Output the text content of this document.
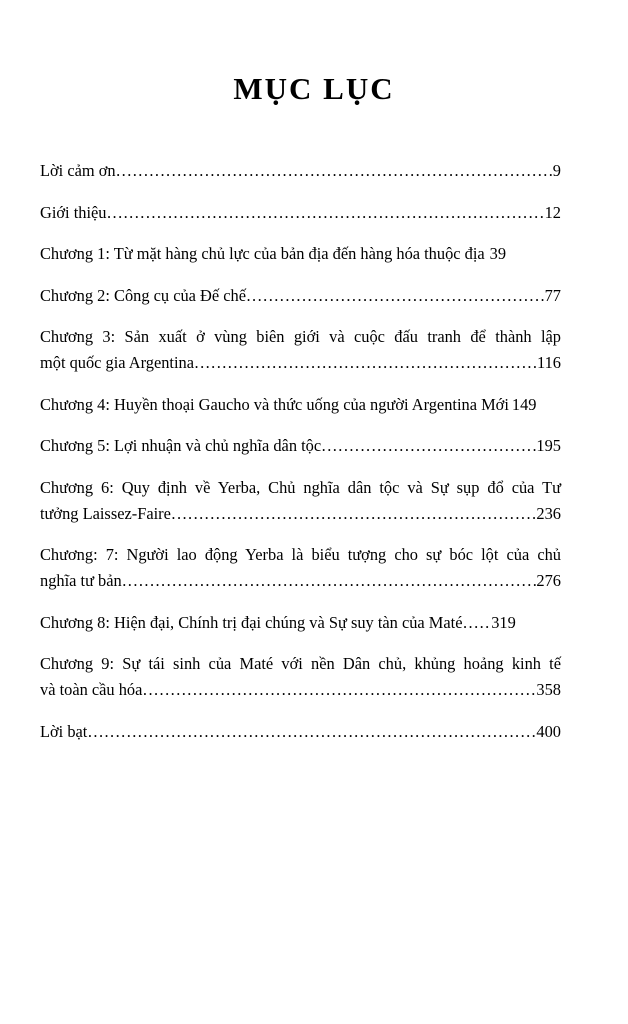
MỤC LỤC
Lời cảm ơn .....	9
Giới thiệu .....	12
Chương 1: Từ mặt hàng chủ lực của bản địa đến hàng hóa thuộc địa 39
Chương 2: Công cụ của Đế chế .....	77
Chương 3: Sản xuất ở vùng biên giới và cuộc đấu tranh để thành lập
một quốc gia Argentina .....	116
Chương 4: Huyền thoại Gaucho và thức uống của người Argentina Mới 149
Chương 5: Lợi nhuận và chủ nghĩa dân tộc .....	195
Chương 6: Quy định về Yerba, Chủ nghĩa dân tộc và Sự sụp đổ của Tư
tưởng Laissez-Faire .....	236
Chương: 7: Người lao động Yerba là biểu tượng cho sự bóc lột của chủ
nghĩa tư bản .....	276
Chương 8: Hiện đại, Chính trị đại chúng và Sự suy tàn của Maté ..... 319
Chương 9: Sự tái sinh của Maté với nền Dân chủ, khủng hoảng kinh tế
và toàn cầu hóa .....	358
Lời bạt .....	400
